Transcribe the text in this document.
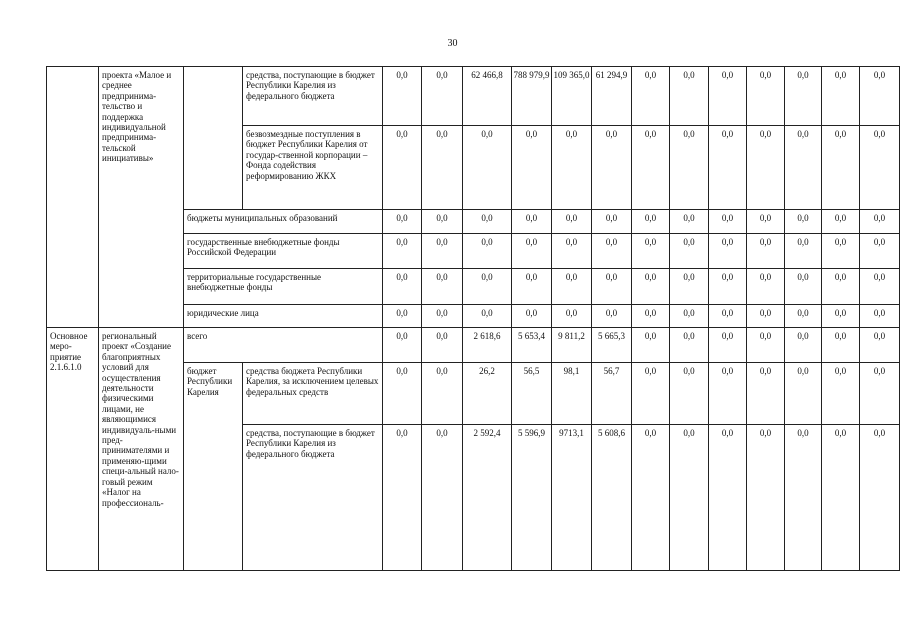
30
	проекта «Малое и среднее предпринима-тельство и поддержка индивидуальной предпринима-тельской инициативы»		средства, поступающие в бюджет Республики Карелия из федерального бюджета	0,0	0,0	62 466,8	788 979,9	109 365,0	61 294,9	0,0	0,0	0,0	0,0	0,0	0,0	0,0
			безвозмездные поступления в бюджет Республики Карелия от государ-ственной корпорации – Фонда содействия реформированию ЖКХ	0,0	0,0	0,0	0,0	0,0	0,0	0,0	0,0	0,0	0,0	0,0	0,0	0,0
		бюджеты муниципальных образований		0,0	0,0	0,0	0,0	0,0	0,0	0,0	0,0	0,0	0,0	0,0	0,0	0,0
		государственные внебюджетные фонды Российской Федерации		0,0	0,0	0,0	0,0	0,0	0,0	0,0	0,0	0,0	0,0	0,0	0,0	0,0
		территориальные государственные внебюджетные фонды		0,0	0,0	0,0	0,0	0,0	0,0	0,0	0,0	0,0	0,0	0,0	0,0	0,0
		юридические лица		0,0	0,0	0,0	0,0	0,0	0,0	0,0	0,0	0,0	0,0	0,0	0,0	0,0
Основное меро-приятие 2.1.6.1.0	региональный проект «Создание благоприятных условий для осуществления деятельности физическими лицами, не являющимися индивидуаль-ными пред-принимателями и применяю-щими специ-альный нало-говый режим «Налог на профессиональ-	всего		0,0	0,0	2 618,6	5 653,4	9 811,2	5 665,3	0,0	0,0	0,0	0,0	0,0	0,0	0,0
		бюджет Республики Карелия	средства бюджета Республики Карелия, за исключением целевых федеральных средств	0,0	0,0	26,2	56,5	98,1	56,7	0,0	0,0	0,0	0,0	0,0	0,0	0,0
			средства, поступающие в бюджет Республики Карелия из федерального бюджета	0,0	0,0	2 592,4	5 596,9	9713,1	5 608,6	0,0	0,0	0,0	0,0	0,0	0,0	0,0
